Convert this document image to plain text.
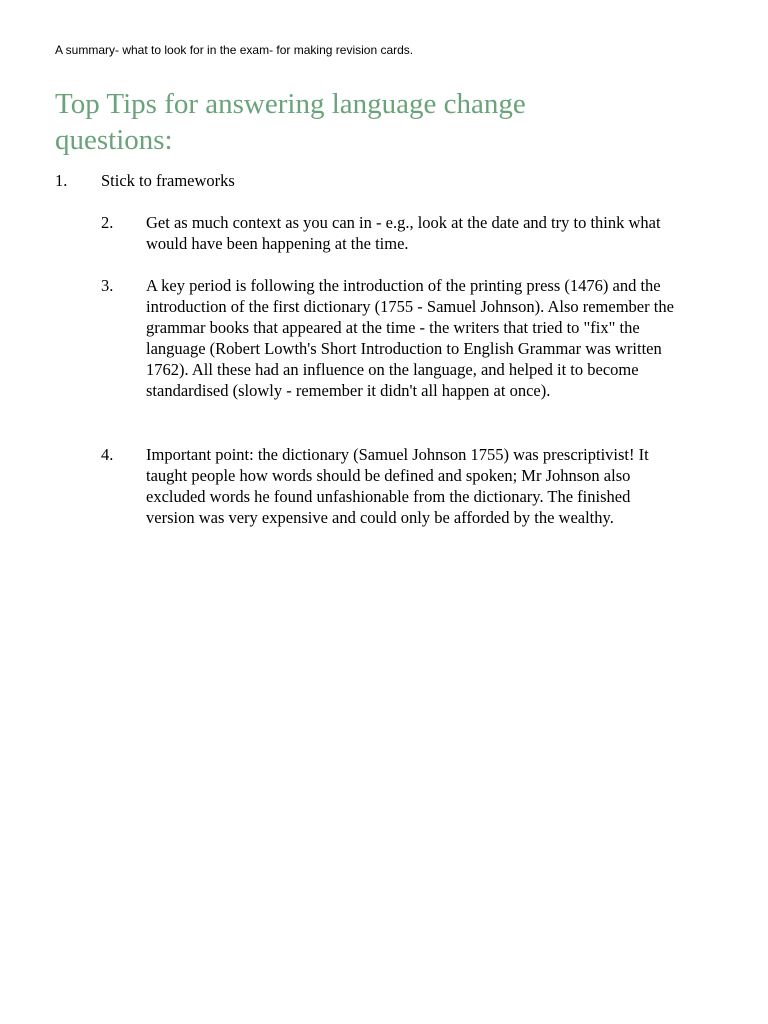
A summary- what to look for in the exam- for making revision cards.
Top Tips for answering language change questions:
1. Stick to frameworks
2. Get as much context as you can in - e.g., look at the date and try to think what would have been happening at the time.
3. A key period is following the introduction of the printing press (1476) and the introduction of the first dictionary (1755 - Samuel Johnson). Also remember the grammar books that appeared at the time - the writers that tried to "fix" the language (Robert Lowth's Short Introduction to English Grammar was written 1762). All these had an influence on the language, and helped it to become standardised (slowly - remember it didn't all happen at once).
4. Important point: the dictionary (Samuel Johnson 1755) was prescriptivist! It taught people how words should be defined and spoken; Mr Johnson also excluded words he found unfashionable from the dictionary. The finished version was very expensive and could only be afforded by the wealthy.
